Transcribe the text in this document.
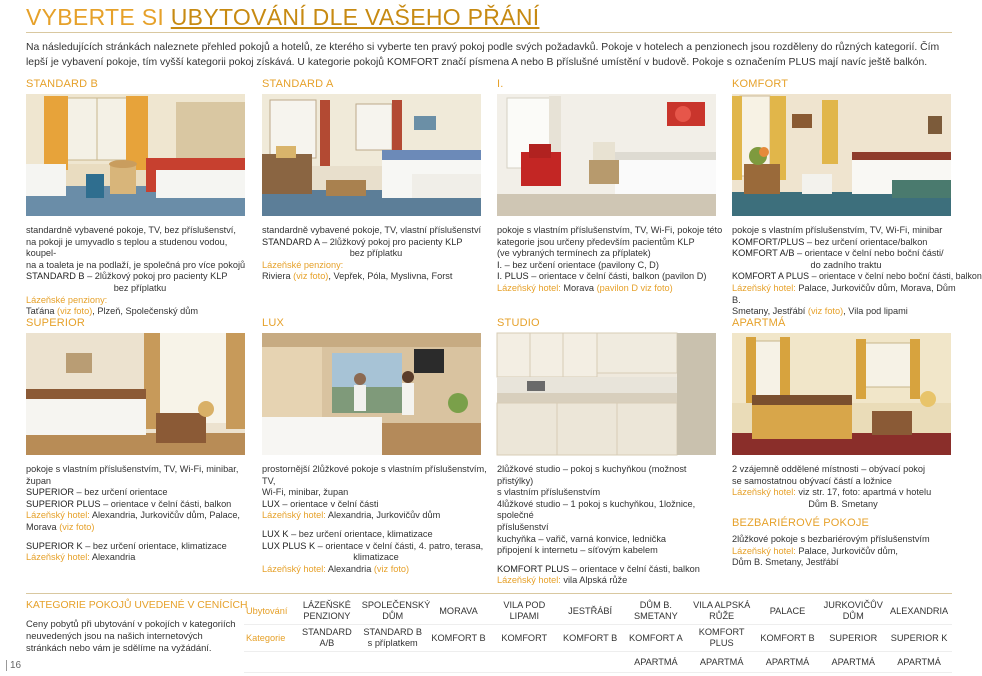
VYBERTE SI UBYTOVÁNÍ DLE VAŠEHO PŘÁNÍ
Na následujících stránkách naleznete přehled pokojů a hotelů, ze kterého si vyberte ten pravý pokoj podle svých požadavků. Pokoje v hotelech a penzionech jsou rozděleny do různých kategorií. Čím lepší je vybavení pokoje, tím vyšší kategorii pokoj získává. U kategorie pokojů KOMFORT značí písmena A nebo B příslušné umístění v budově. Pokoje s označením PLUS mají navíc ještě balkón.
STANDARD B	STANDARD A	I.	KOMFORT

standardně vybavené pokoje, TV, bez příslušenství,

na pokoji je umyvadlo s teplou a studenou vodou, koupel-

na a toaleta je na podlaží, je společná pro více pokojů

STANDARD B – 2lůžkový pokoj pro pacienty KLP

bez příplatku

Lázeňské penziony:

Taťána (viz foto), Plzeň, Společenský dům

standardně vybavené pokoje, TV, vlastní příslušenství

STANDARD A – 2lůžkový pokoj pro pacienty KLP

bez příplatku

Lázeňské penziony:

Riviera (viz foto), Vepřek, Póla, Myslivna, Forst

pokoje s vlastním příslušenstvím, TV, Wi-Fi, pokoje této

kategorie jsou určeny především pacientům KLP

(ve vybraných termínech za příplatek)

I. – bez určení orientace (pavilony C, D)

I. PLUS – orientace v čelní části, balkon (pavilon D)

Lázeňský hotel: Morava (pavilon D viz foto)

pokoje s vlastním příslušenstvím, TV, Wi-Fi, minibar

KOMFORT/PLUS – bez určení orientace/balkon

KOMFORT A/B – orientace v čelní nebo boční části/

do zadního traktu

KOMFORT A PLUS – orientace v čelní nebo boční části, balkon

Lázeňský hotel: Palace, Jurkovičův dům, Morava, Dům B.

Smetany, Jestřábí (viz foto), Vila pod lipami

SUPERIOR	LUX	STUDIO	APARTMÁ

pokoje s vlastním příslušenstvím, TV, Wi-Fi, minibar, župan

SUPERIOR – bez určení orientace

SUPERIOR PLUS – orientace v čelní části, balkon

Lázeňský hotel: Alexandria, Jurkovičův dům, Palace,

Morava (viz foto)

SUPERIOR K – bez určení orientace, klimatizace

Lázeňský hotel: Alexandria

prostornější 2lůžkové pokoje s vlastním příslušenstvím, TV,

Wi-Fi, minibar, župan

LUX – orientace v čelní části

Lázeňský hotel: Alexandria, Jurkovičův dům

LUX K – bez určení orientace, klimatizace

LUX PLUS K – orientace v čelní části, 4. patro, terasa,

klimatizace

Lázeňský hotel: Alexandria (viz foto)

2lůžkové studio – pokoj s kuchyňkou (možnost přistýlky)

s vlastním příslušenstvím

4lůžkové studio – 1 pokoj s kuchyňkou, 1ložnice, společné

příslušenství

kuchyňka – vařič, varná konvice, lednička

připojení k internetu – síťovým kabelem

KOMFORT PLUS – orientace v čelní části, balkon

Lázeňský hotel: vila Alpská růže

2 vzájemně oddělené místnosti – obývací pokoj

se samostatnou obývací částí a ložnice

Lázeňský hotel: viz str. 17, foto: apartmá v hotelu

Dům B. Smetany

BEZBARIÉROVÉ POKOJE

2lůžkové pokoje s bezbariérovým příslušenstvím

Lázeňský hotel: Palace, Jurkovičův dům,

Dům B. Smetany, Jestřábí

KATEGORIE POKOJŮ UVEDENÉ V CENÍCÍCH
Ceny pobytů při ubytování v pokojích v kategoriích neuvedených jsou na našich internetových stránkách nebo vám je sdělíme na vyžádání.
16
Ubytování	LÁZEŇSKÉ PENZIONY	SPOLEČENSKÝ DŮM	MORAVA	VILA POD LIPAMI	JESTŘÁBÍ	DŮM B. SMETANY	VILA ALPSKÁ RŮŽE	PALACE	JURKOVIČŮV DŮM	ALEXANDRIA
Kategorie	STANDARD A/B	STANDARD B s příplatkem	KOMFORT B	KOMFORT	KOMFORT B	KOMFORT A	KOMFORT PLUS	KOMFORT B	SUPERIOR	SUPERIOR K
						APARTMÁ	APARTMÁ	APARTMÁ	APARTMÁ	APARTMÁ
